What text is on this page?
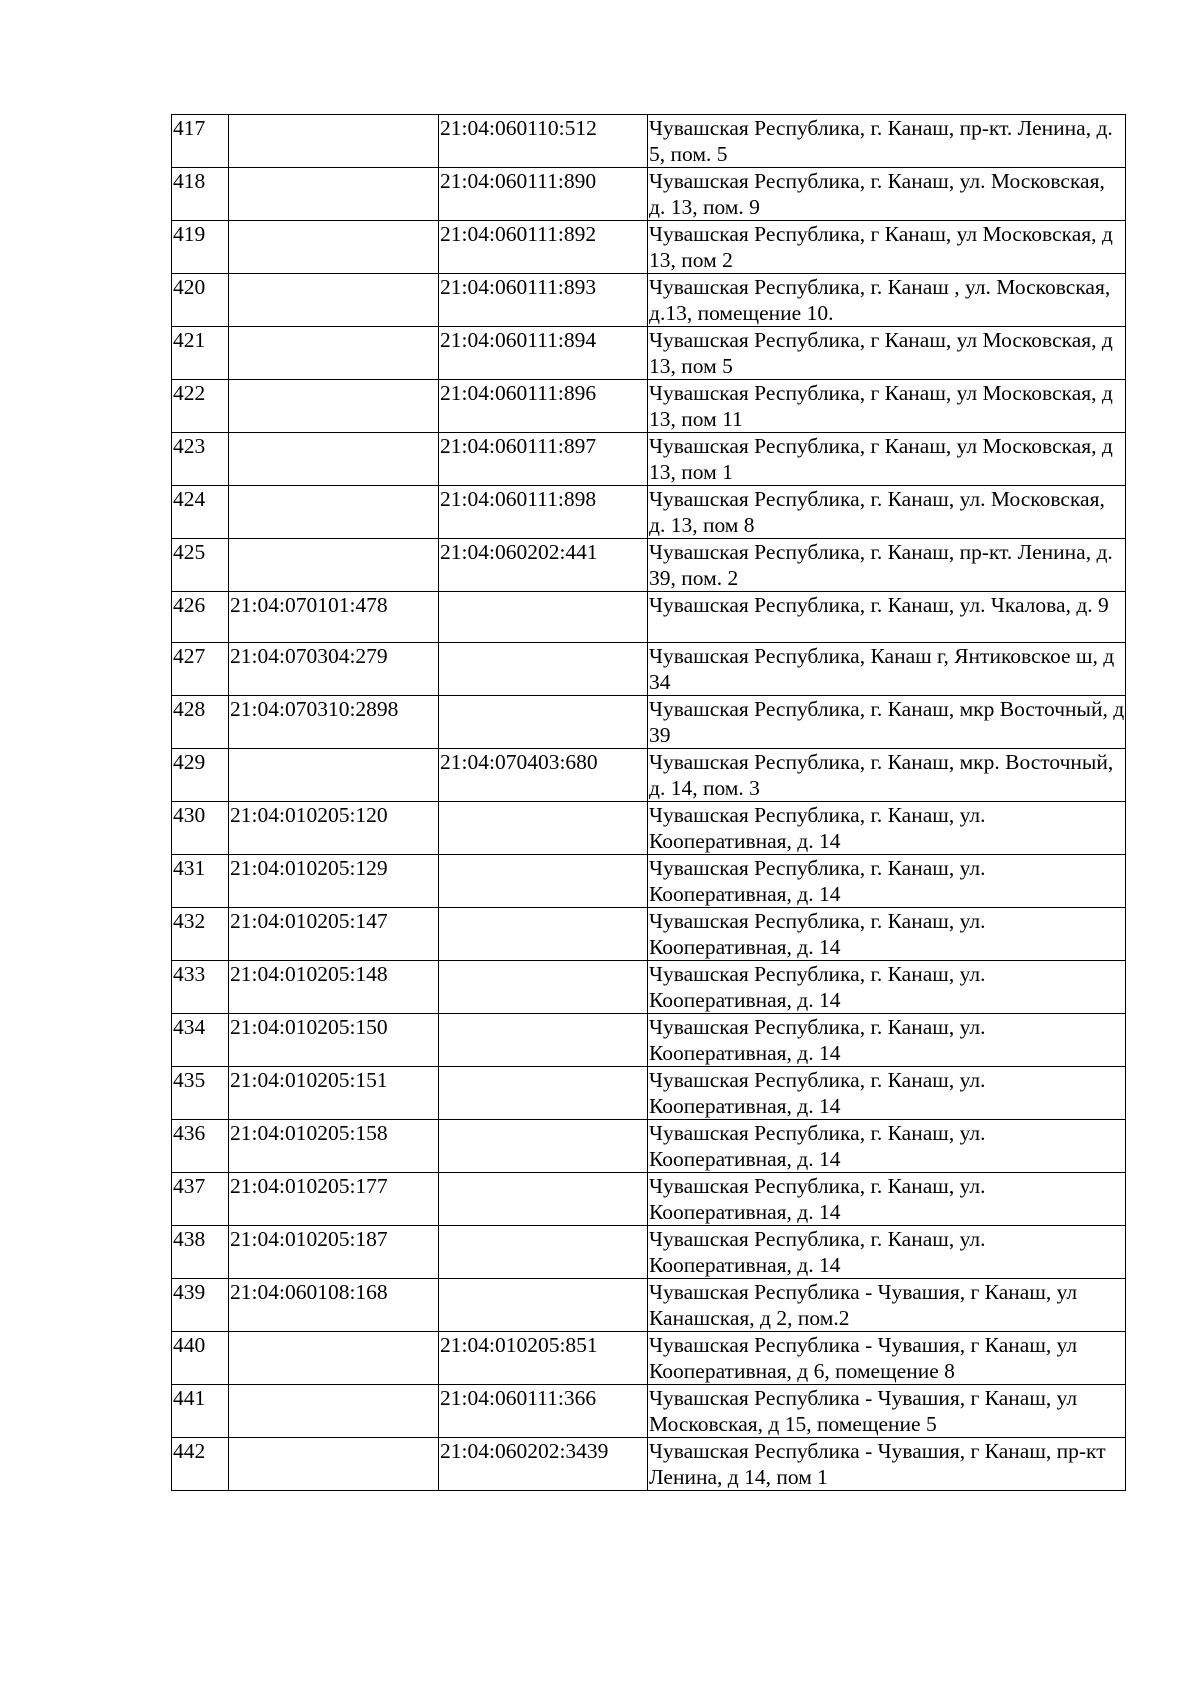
417		21:04:060110:512	Чувашская Республика, г. Канаш, пр-кт. Ленина, д. 5, пом. 5
418		21:04:060111:890	Чувашская Республика, г. Канаш, ул. Московская, д. 13, пом. 9
419		21:04:060111:892	Чувашская Республика, г Канаш, ул Московская, д 13, пом 2
420		21:04:060111:893	Чувашская Республика, г. Канаш , ул. Московская, д.13, помещение 10.
421		21:04:060111:894	Чувашская Республика, г Канаш, ул Московская, д 13, пом 5
422		21:04:060111:896	Чувашская Республика, г Канаш, ул Московская, д 13, пом 11
423		21:04:060111:897	Чувашская Республика, г Канаш, ул Московская, д 13, пом 1
424		21:04:060111:898	Чувашская Республика, г. Канаш, ул. Московская, д. 13, пом 8
425		21:04:060202:441	Чувашская Республика, г. Канаш, пр-кт. Ленина, д. 39, пом. 2
426	21:04:070101:478		Чувашская Республика, г. Канаш, ул. Чкалова, д. 9
427	21:04:070304:279		Чувашская Республика, Канаш г, Янтиковское ш, д 34
428	21:04:070310:2898		Чувашская Республика, г. Канаш, мкр Восточный, д 39
429		21:04:070403:680	Чувашская Республика, г. Канаш, мкр. Восточный, д. 14, пом. 3
430	21:04:010205:120		Чувашская Республика, г. Канаш, ул. Кооперативная, д. 14
431	21:04:010205:129		Чувашская Республика, г. Канаш, ул. Кооперативная, д. 14
432	21:04:010205:147		Чувашская Республика, г. Канаш, ул. Кооперативная, д. 14
433	21:04:010205:148		Чувашская Республика, г. Канаш, ул. Кооперативная, д. 14
434	21:04:010205:150		Чувашская Республика, г. Канаш, ул. Кооперативная, д. 14
435	21:04:010205:151		Чувашская Республика, г. Канаш, ул. Кооперативная, д. 14
436	21:04:010205:158		Чувашская Республика, г. Канаш, ул. Кооперативная, д. 14
437	21:04:010205:177		Чувашская Республика, г. Канаш, ул. Кооперативная, д. 14
438	21:04:010205:187		Чувашская Республика, г. Канаш, ул. Кооперативная, д. 14
439	21:04:060108:168		Чувашская Республика - Чувашия, г Канаш, ул Канашская, д 2, пом.2
440		21:04:010205:851	Чувашская Республика - Чувашия, г Канаш, ул Кооперативная, д 6, помещение 8
441		21:04:060111:366	Чувашская Республика - Чувашия, г Канаш, ул Московская, д 15, помещение 5
442		21:04:060202:3439	Чувашская Республика - Чувашия, г Канаш, пр-кт Ленина, д 14, пом 1
